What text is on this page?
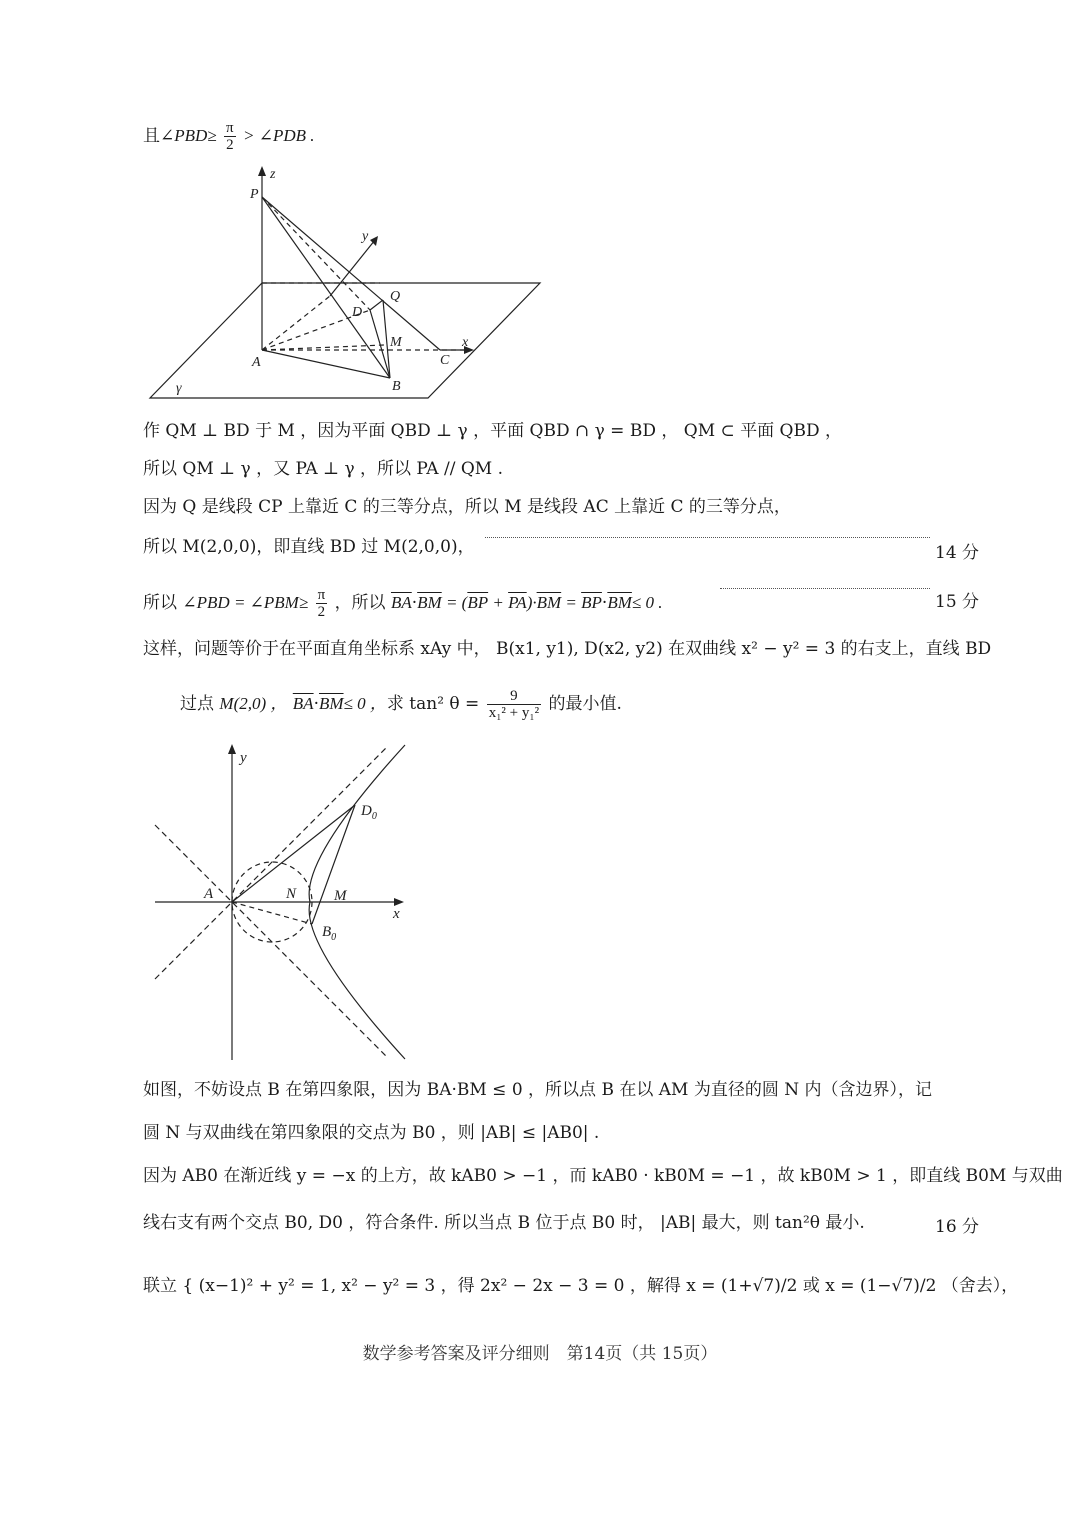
且∠PBD≥ $\frac{\pi}{2}$ > ∠PDB .
z
y
x
P
Q
D
M
A	C
B
γ
作 QM ⊥ BD 于 M ，因为平面 QBD ⊥ γ ，平面 QBD ∩ γ = BD ， QM ⊂ 平面 QBD ，
所以 QM ⊥ γ ，又 PA ⊥ γ ，所以 PA // QM .
因为 Q 是线段 CP 上靠近 C 的三等分点，所以 M 是线段 AC 上靠近 C 的三等分点，
所以 M(2,0,0)，即直线 BD 过 M(2,0,0)，	14 分
所以 ∠PBD = ∠PBM≥ $\frac{\pi}{2}$ ，所以 $\overline{BA}\cdot\overline{BM} = (\overline{BP} + \overline{PA})\cdot\overline{BM} = \overline{BP}\cdot\overline{BM}\le 0$ .	15 分
这样，问题等价于在平面直角坐标系 xAy 中， B(x1, y1), D(x2, y2) 在双曲线 x² − y² = 3 的右支上，直线 BD
过点 M(2,0) ， $\overline{BA}\cdot\overline{BM}\le 0$ ，求 tan² $\theta = \frac{9}{\text{x₁² + y₁²}}$ 的最小值.
y
x
A	N	M
$D_0$
$B_0$
如图，不妨设点 B 在第四象限，因为 BA·BM ≤ 0 ，所以点 B 在以 AM 为直径的圆 N 内（含边界），记
圆 N 与双曲线在第四象限的交点为 B0 ，则 |AB| ≤ |AB0| .
因为 AB0 在渐近线 y = −x 的上方，故 kAB0 > −1 ，而 kAB0 · kB0M = −1 ，故 kB0M > 1 ，即直线 B0M 与双曲
线右支有两个交点 B0, D0 ，符合条件. 所以当点 B 位于点 B0 时， |AB| 最大，则 tan²θ 最小.	16 分
联立 { (x−1)² + y² = 1, x² − y² = 3 ，得 2x² − 2x − 3 = 0 ，解得 x = (1+√7)/2 或 x = (1−√7)/2 （舍去），
数学参考答案及评分细则　第14页（共 15页）
